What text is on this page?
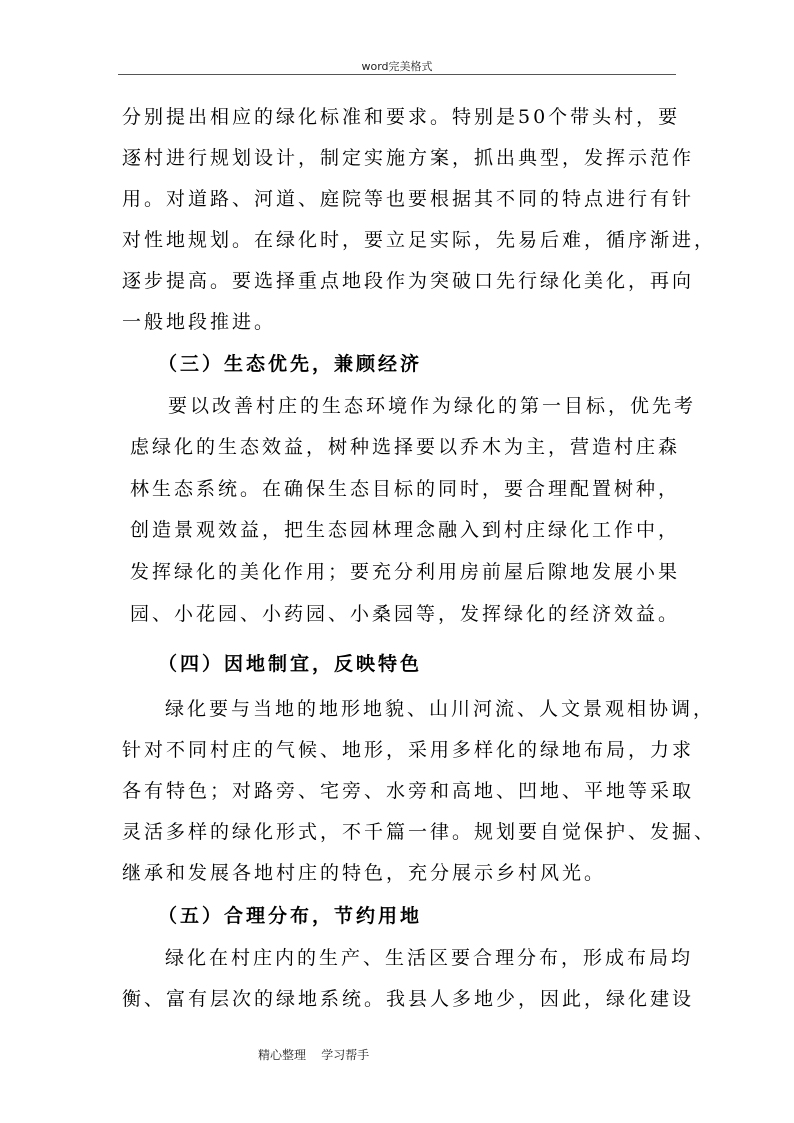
word完美格式
分别提出相应的绿化标准和要求。特别是50个带头村，要
逐村进行规划设计，制定实施方案，抓出典型，发挥示范作
用。对道路、河道、庭院等也要根据其不同的特点进行有针
对性地规划。在绿化时，要立足实际，先易后难，循序渐进，
逐步提高。要选择重点地段作为突破口先行绿化美化，再向
一般地段推进。
（三）生态优先，兼顾经济
要以改善村庄的生态环境作为绿化的第一目标，优先考
虑绿化的生态效益，树种选择要以乔木为主，营造村庄森
林生态系统。在确保生态目标的同时，要合理配置树种，
创造景观效益，把生态园林理念融入到村庄绿化工作中，
发挥绿化的美化作用；要充分利用房前屋后隙地发展小果
园、小花园、小药园、小桑园等，发挥绿化的经济效益。
（四）因地制宜，反映特色
绿化要与当地的地形地貌、山川河流、人文景观相协调，
针对不同村庄的气候、地形，采用多样化的绿地布局，力求
各有特色；对路旁、宅旁、水旁和高地、凹地、平地等采取
灵活多样的绿化形式，不千篇一律。规划要自觉保护、发掘、
继承和发展各地村庄的特色，充分展示乡村风光。
（五）合理分布，节约用地
绿化在村庄内的生产、生活区要合理分布，形成布局均
衡、富有层次的绿地系统。我县人多地少，因此，绿化建设
精心整理    学习帮手
